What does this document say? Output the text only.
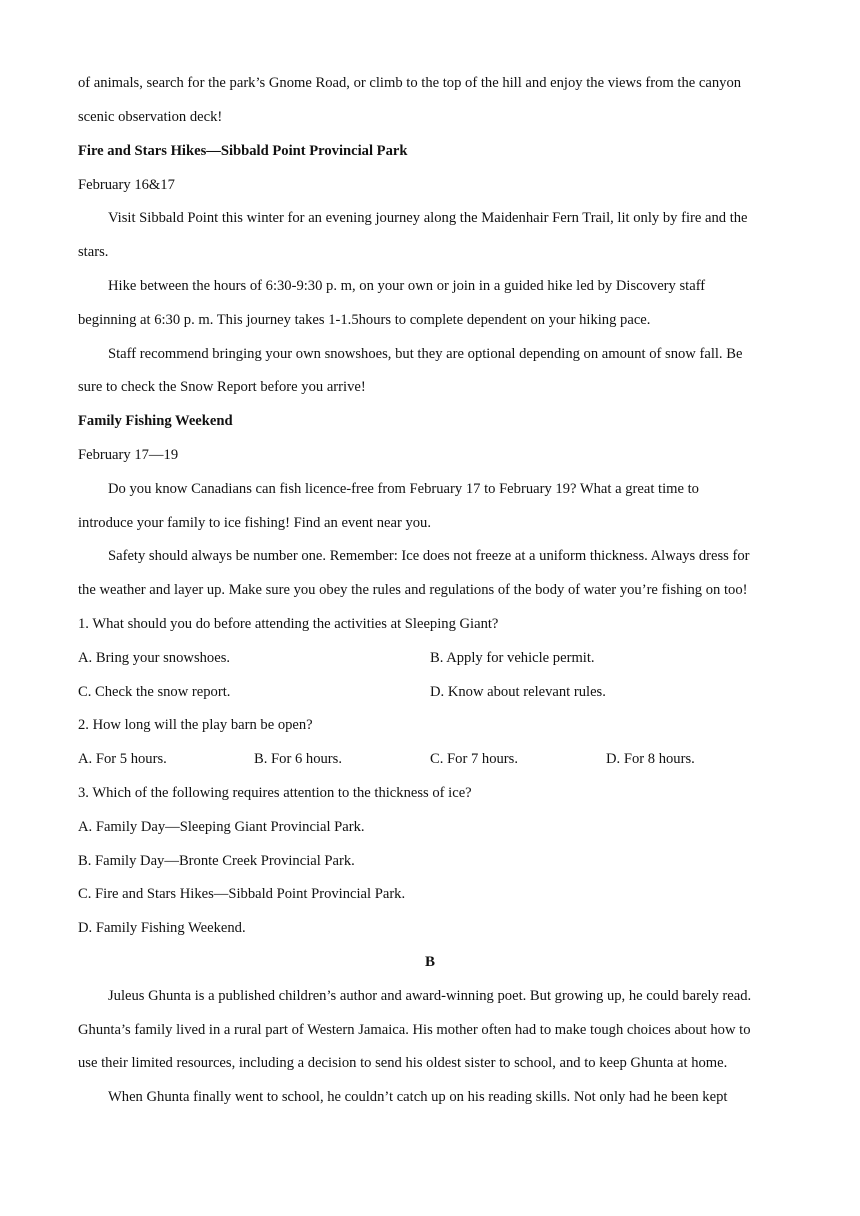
of animals, search for the park’s Gnome Road, or climb to the top of the hill and enjoy the views from the canyon
scenic observation deck!
Fire and Stars Hikes—Sibbald Point Provincial Park
February 16&17
Visit Sibbald Point this winter for an evening journey along the Maidenhair Fern Trail, lit only by fire and the
stars.
Hike between the hours of 6:30-9:30 p. m, on your own or join in a guided hike led by Discovery staff
beginning at 6:30 p. m. This journey takes 1-1.5hours to complete dependent on your hiking pace.
Staff recommend bringing your own snowshoes, but they are optional depending on amount of snow fall. Be
sure to check the Snow Report before you arrive!
Family Fishing Weekend
February 17—19
Do you know Canadians can fish licence-free from February 17 to February 19? What a great time to
introduce your family to ice fishing! Find an event near you.
Safety should always be number one. Remember: Ice does not freeze at a uniform thickness. Always dress for
the weather and layer up. Make sure you obey the rules and regulations of the body of water you’re fishing on too!
1. What should you do before attending the activities at Sleeping Giant?
A. Bring your snowshoes.	B. Apply for vehicle permit.
C. Check the snow report.	D. Know about relevant rules.
2. How long will the play barn be open?
A. For 5 hours.	B. For 6 hours.	C. For 7 hours.	D. For 8 hours.
3. Which of the following requires attention to the thickness of ice?
A. Family Day—Sleeping Giant Provincial Park.
B. Family Day—Bronte Creek Provincial Park.
C. Fire and Stars Hikes—Sibbald Point Provincial Park.
D. Family Fishing Weekend.
B
Juleus Ghunta is a published children’s author and award-winning poet. But growing up, he could barely read.
Ghunta’s family lived in a rural part of Western Jamaica. His mother often had to make tough choices about how to
use their limited resources, including a decision to send his oldest sister to school, and to keep Ghunta at home.
When Ghunta finally went to school, he couldn’t catch up on his reading skills. Not only had he been kept
